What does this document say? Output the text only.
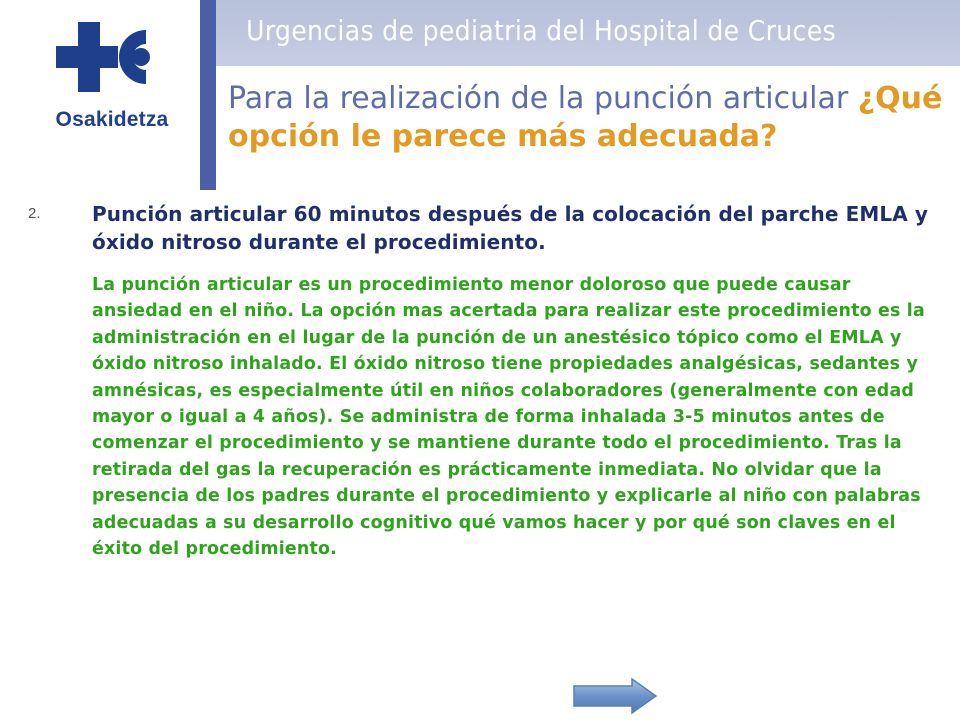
Osakidetza
Urgencias de pediatria del Hospital de Cruces
Para la realización de la punción articular ¿Qué opción le parece más adecuada?
2.	Punción articular 60 minutos después de la colocación del parche EMLA y óxido nitroso durante el procedimiento.
La punción articular es un procedimiento menor doloroso que puede causar ansiedad en el niño. La opción mas acertada para realizar este procedimiento es la administración en el lugar de la punción de un anestésico tópico como el EMLA y óxido nitroso inhalado. El óxido nitroso tiene propiedades analgésicas, sedantes y amnésicas, es especialmente útil en niños colaboradores (generalmente con edad mayor o igual a 4 años). Se administra de forma inhalada 3-5 minutos antes de comenzar el procedimiento y se mantiene durante todo el procedimiento. Tras la retirada del gas la recuperación es prácticamente inmediata. No olvidar que la presencia de los padres durante el procedimiento y explicarle al niño con palabras adecuadas a su desarrollo cognitivo qué vamos hacer y por qué son claves en el éxito del procedimiento.
